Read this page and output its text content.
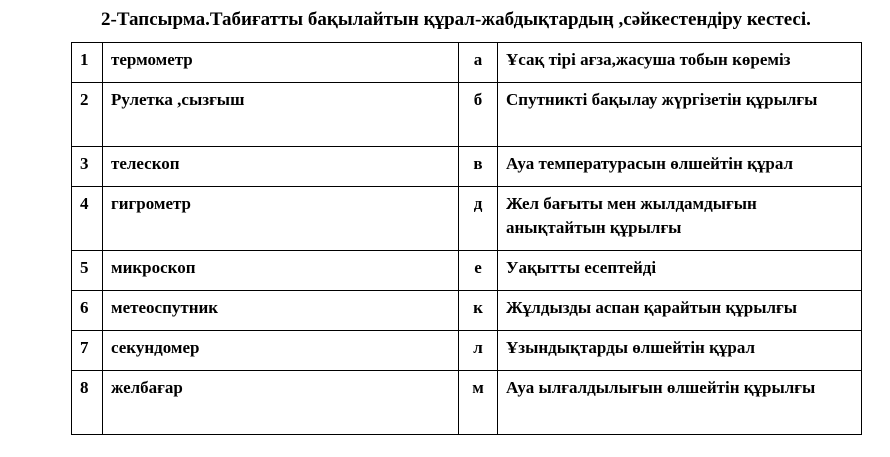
2-Тапсырма.Табиғатты бақылайтын құрал-жабдықтардың ,сәйкестендіру кестесі.
1	термометр	а	Ұсақ тірі ағза,жасуша тобын көреміз
2	Рулетка ,сызғыш	б	Спутникті бақылау жүргізетін құрылғы
3	телескоп	в	Ауа температурасын өлшейтін құрал
4	гигрометр	д	Жел бағыты мен жылдамдығын анықтайтын құрылғы
5	микроскоп	е	Уақытты есептейді
6	метеоспутник	к	Жұлдызды аспан қарайтын құрылғы
7	секундомер	л	Ұзындықтарды өлшейтін құрал
8	желбағар	м	Ауа ылғалдылығын өлшейтін құрылғы
